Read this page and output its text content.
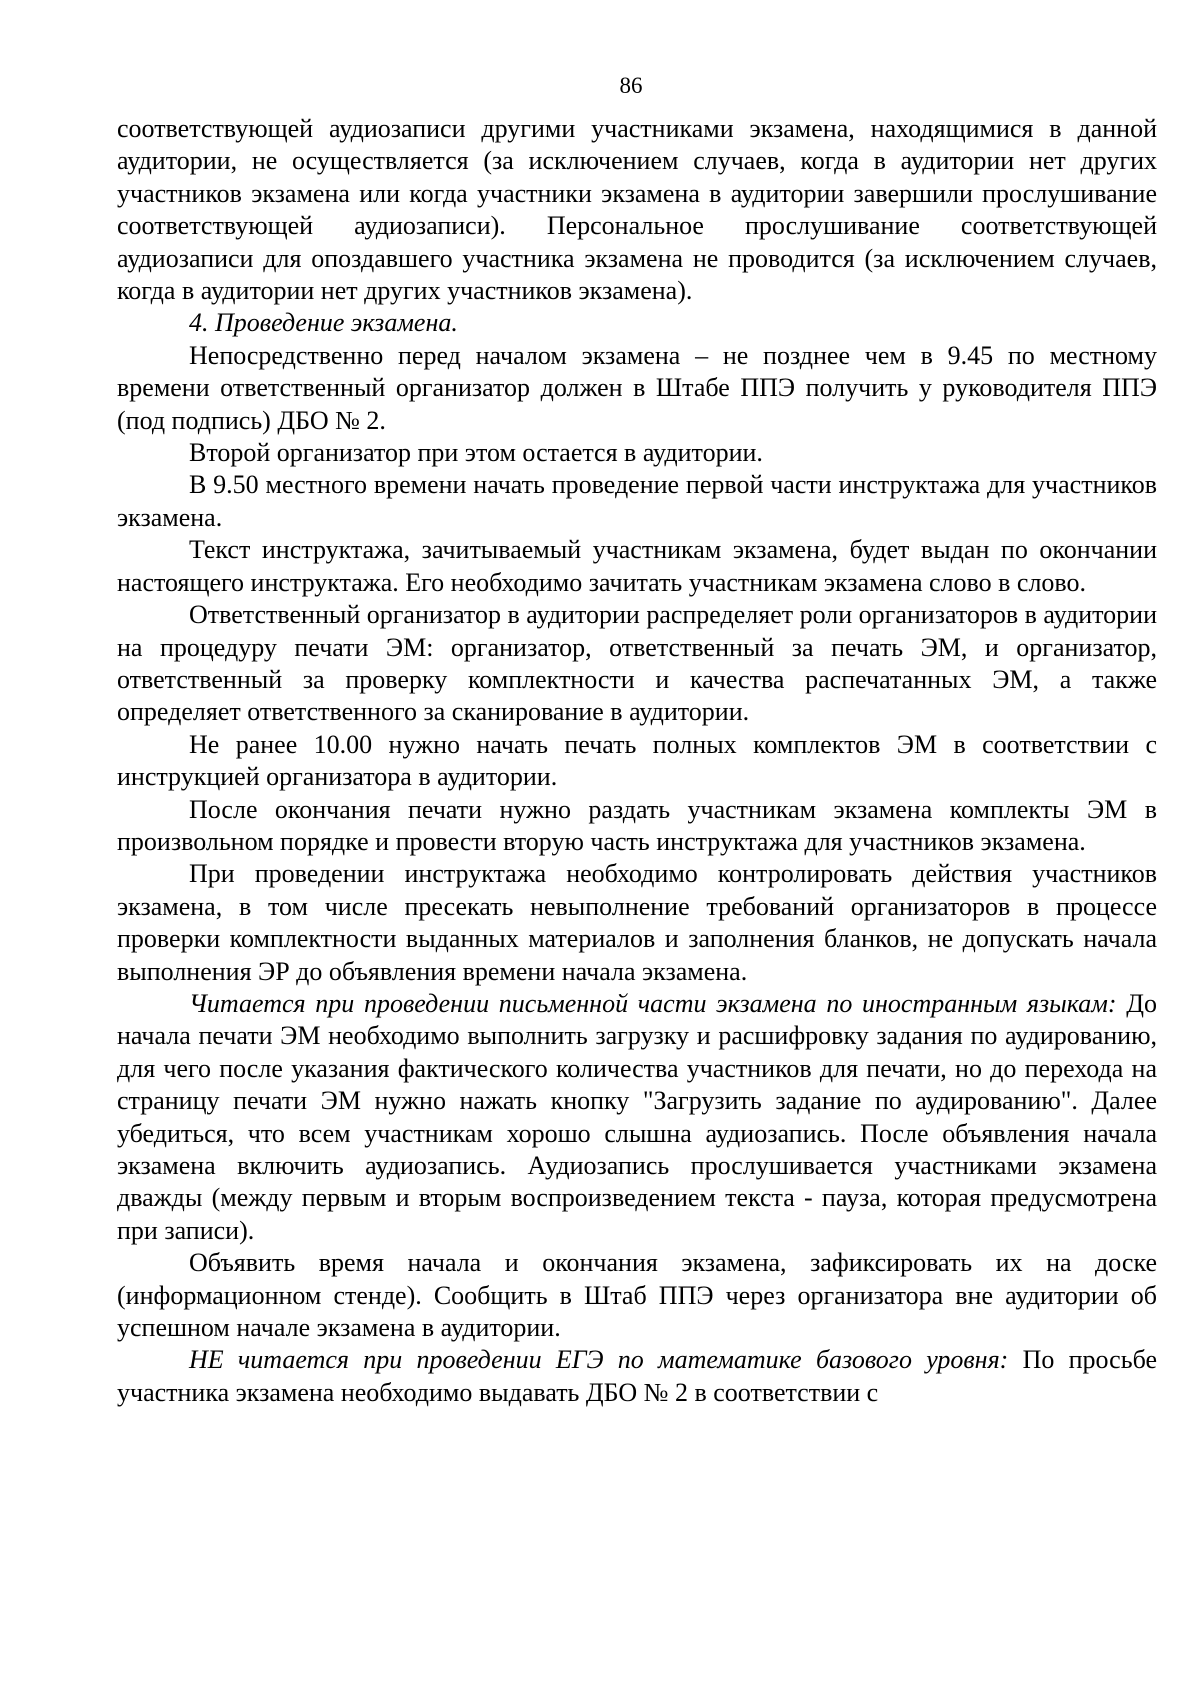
86

соответствующей аудиозаписи другими участниками экзамена, находящимися в данной аудитории, не осуществляется (за исключением случаев, когда в аудитории нет других участников экзамена или когда участники экзамена в аудитории завершили прослушивание соответствующей аудиозаписи). Персональное прослушивание соответствующей аудиозаписи для опоздавшего участника экзамена не проводится (за исключением случаев, когда в аудитории нет других участников экзамена).

4. Проведение экзамена.

Непосредственно перед началом экзамена – не позднее чем в 9.45 по местному времени ответственный организатор должен в Штабе ППЭ получить у руководителя ППЭ (под подпись) ДБО № 2.

Второй организатор при этом остается в аудитории.

В 9.50 местного времени начать проведение первой части инструктажа для участников экзамена.

Текст инструктажа, зачитываемый участникам экзамена, будет выдан по окончании настоящего инструктажа. Его необходимо зачитать участникам экзамена слово в слово.

Ответственный организатор в аудитории распределяет роли организаторов в аудитории на процедуру печати ЭМ: организатор, ответственный за печать ЭМ, и организатор, ответственный за проверку комплектности и качества распечатанных ЭМ, а также определяет ответственного за сканирование в аудитории.

Не ранее 10.00 нужно начать печать полных комплектов ЭМ в соответствии с инструкцией организатора в аудитории.

После окончания печати нужно раздать участникам экзамена комплекты ЭМ в произвольном порядке и провести вторую часть инструктажа для участников экзамена.

При проведении инструктажа необходимо контролировать действия участников экзамена, в том числе пресекать невыполнение требований организаторов в процессе проверки комплектности выданных материалов и заполнения бланков, не допускать начала выполнения ЭР до объявления времени начала экзамена.

Читается при проведении письменной части экзамена по иностранным языкам: До начала печати ЭМ необходимо выполнить загрузку и расшифровку задания по аудированию, для чего после указания фактического количества участников для печати, но до перехода на страницу печати ЭМ нужно нажать кнопку "Загрузить задание по аудированию". Далее убедиться, что всем участникам хорошо слышна аудиозапись. После объявления начала экзамена включить аудиозапись. Аудиозапись прослушивается участниками экзамена дважды (между первым и вторым воспроизведением текста - пауза, которая предусмотрена при записи).

Объявить время начала и окончания экзамена, зафиксировать их на доске (информационном стенде). Сообщить в Штаб ППЭ через организатора вне аудитории об успешном начале экзамена в аудитории.

НЕ читается при проведении ЕГЭ по математике базового уровня: По просьбе участника экзамена необходимо выдавать ДБО № 2 в соответствии с
